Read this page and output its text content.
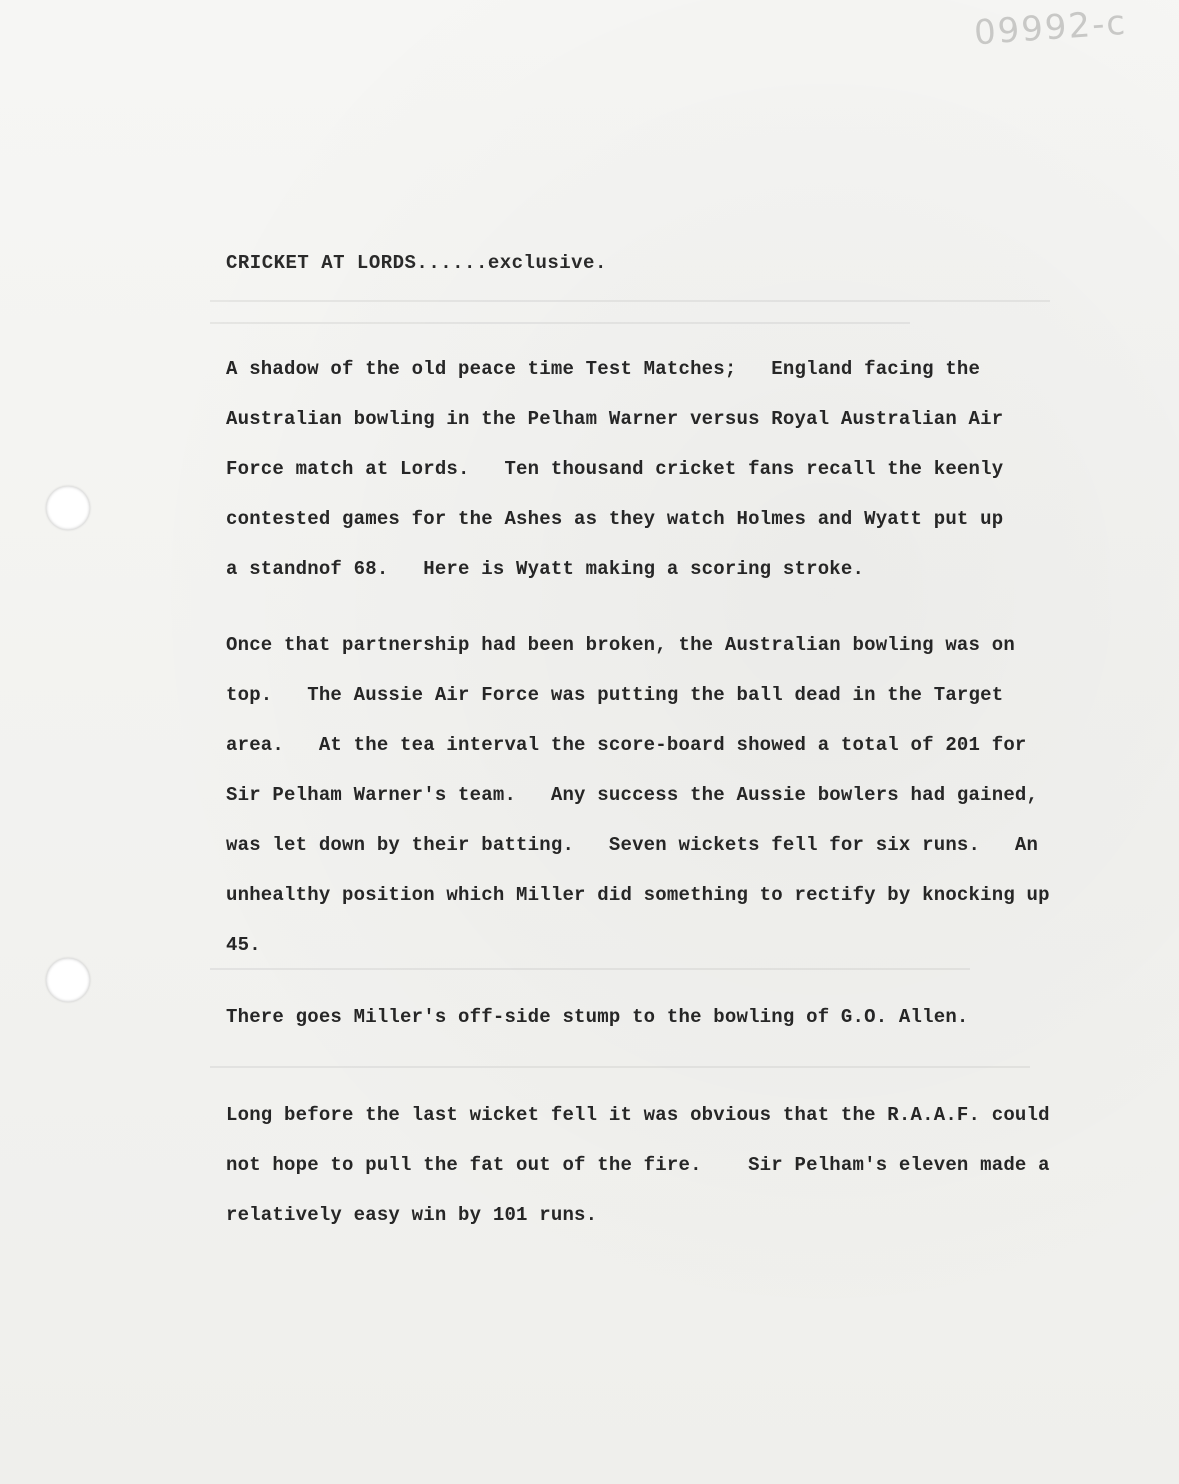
09992-c
CRICKET AT LORDS......exclusive.
A shadow of the old peace time Test Matches;   England facing the
Australian bowling in the Pelham Warner versus Royal Australian Air
Force match at Lords.   Ten thousand cricket fans recall the keenly
contested games for the Ashes as they watch Holmes and Wyatt put up
a standnof 68.   Here is Wyatt making a scoring stroke.
Once that partnership had been broken, the Australian bowling was on
top.   The Aussie Air Force was putting the ball dead in the Target
area.   At the tea interval the score-board showed a total of 201 for
Sir Pelham Warner's team.   Any success the Aussie bowlers had gained,
was let down by their batting.   Seven wickets fell for six runs.   An
unhealthy position which Miller did something to rectify by knocking up
45.
There goes Miller's off-side stump to the bowling of G.O. Allen.
Long before the last wicket fell it was obvious that the R.A.A.F. could
not hope to pull the fat out of the fire.    Sir Pelham's eleven made a
relatively easy win by 101 runs.
